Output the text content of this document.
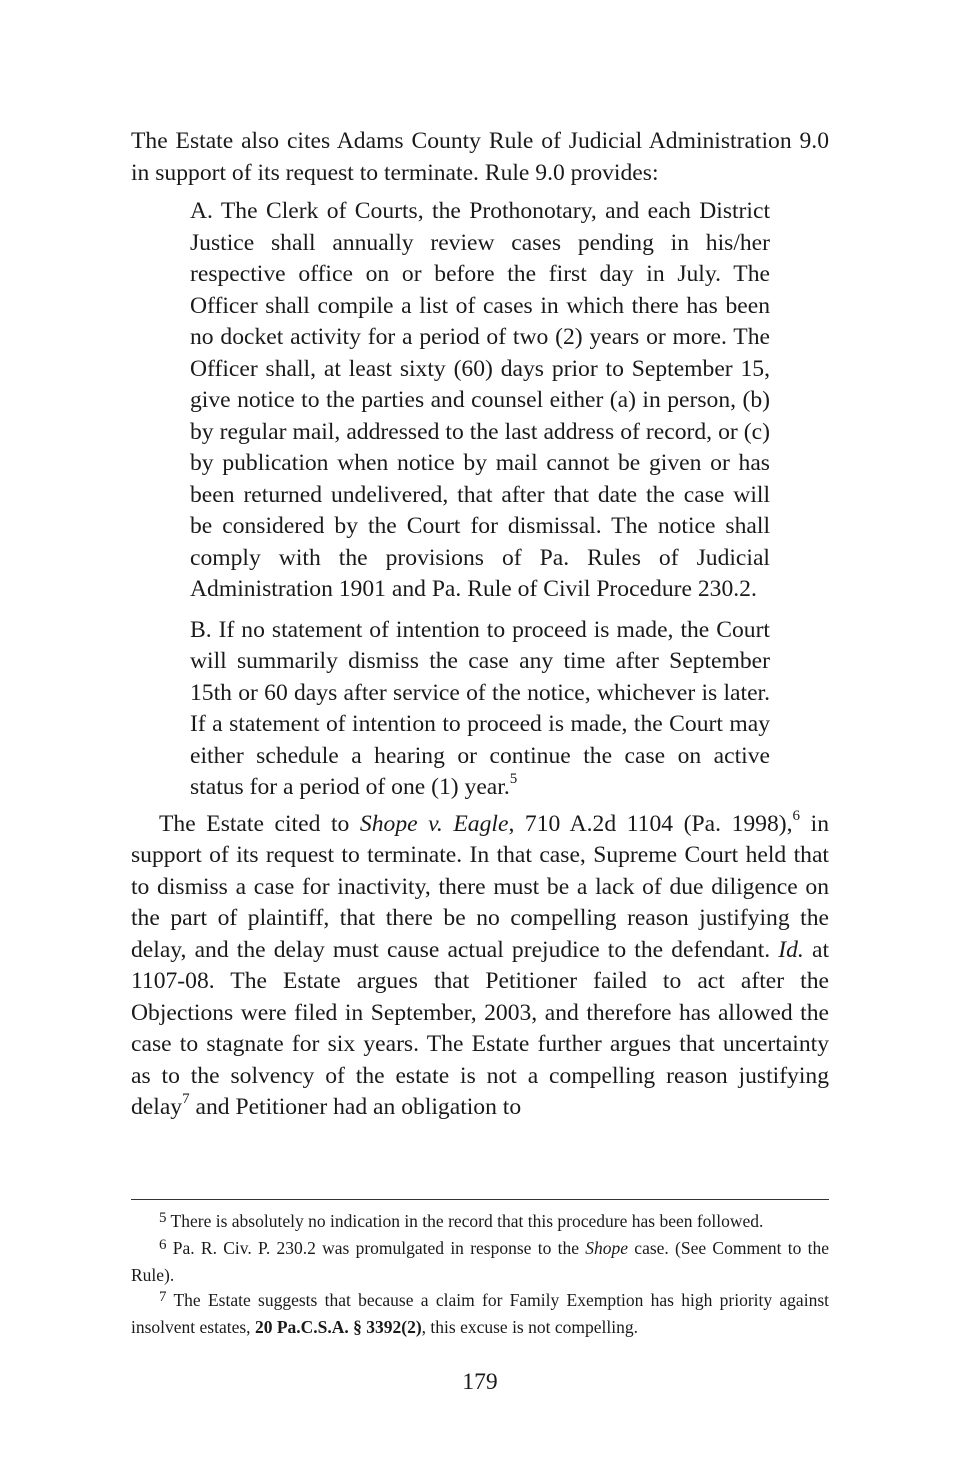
The Estate also cites Adams County Rule of Judicial Administration 9.0 in support of its request to terminate. Rule 9.0 provides:

A. The Clerk of Courts, the Prothonotary, and each District Justice shall annually review cases pending in his/her respective office on or before the first day in July. The Officer shall compile a list of cases in which there has been no docket activity for a period of two (2) years or more. The Officer shall, at least sixty (60) days prior to September 15, give notice to the parties and counsel either (a) in person, (b) by regular mail, addressed to the last address of record, or (c) by publication when notice by mail cannot be given or has been returned undelivered, that after that date the case will be considered by the Court for dismissal. The notice shall comply with the provisions of Pa. Rules of Judicial Administration 1901 and Pa. Rule of Civil Procedure 230.2.

B. If no statement of intention to proceed is made, the Court will summarily dismiss the case any time after September 15th or 60 days after service of the notice, whichever is later. If a statement of intention to proceed is made, the Court may either schedule a hearing or continue the case on active status for a period of one (1) year.$^5$

The Estate cited to Shope v. Eagle, 710 A.2d 1104 (Pa. 1998),$^6$ in support of its request to terminate. In that case, Supreme Court held that to dismiss a case for inactivity, there must be a lack of due diligence on the part of plaintiff, that there be no compelling reason justifying the delay, and the delay must cause actual prejudice to the defendant. Id. at 1107-08. The Estate argues that Petitioner failed to act after the Objections were filed in September, 2003, and therefore has allowed the case to stagnate for six years. The Estate further argues that uncertainty as to the solvency of the estate is not a compelling reason justifying delay$^7$ and Petitioner had an obligation to

5 There is absolutely no indication in the record that this procedure has been followed.

6 Pa. R. Civ. P. 230.2 was promulgated in response to the Shope case. (See Comment to the Rule).

7 The Estate suggests that because a claim for Family Exemption has high priority against insolvent estates, 20 Pa.C.S.A. § 3392(2), this excuse is not compelling.

179
